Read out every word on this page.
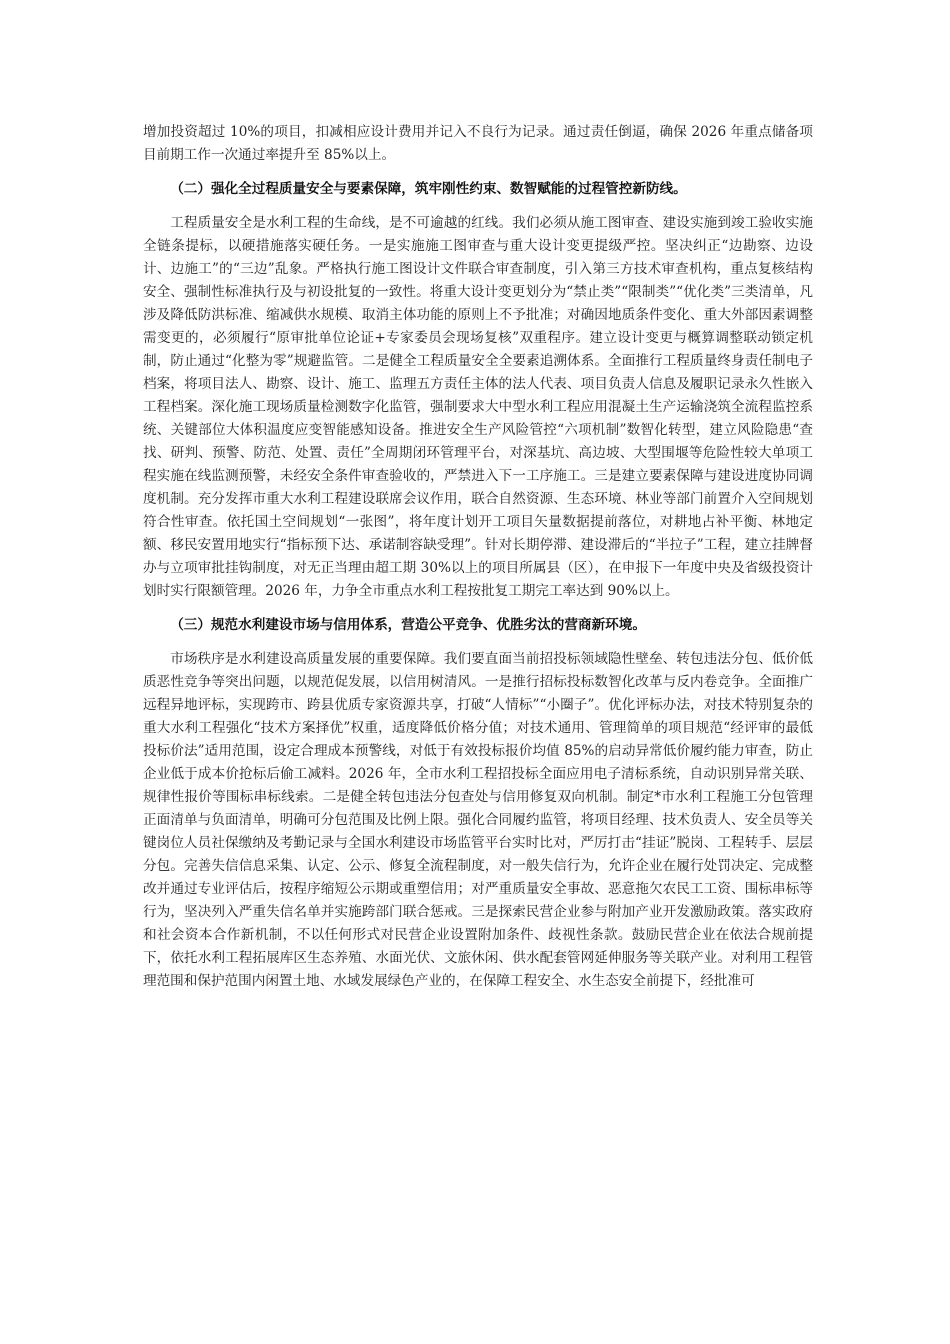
增加投资超过 10%的项目，扣减相应设计费用并记入不良行为记录。通过责任倒逼，确保 2026 年重点储备项目前期工作一次通过率提升至 85%以上。

（二）强化全过程质量安全与要素保障，筑牢刚性约束、数智赋能的过程管控新防线。

工程质量安全是水利工程的生命线，是不可逾越的红线。我们必须从施工图审查、建设实施到竣工验收实施全链条提标，以硬措施落实硬任务。一是实施施工图审查与重大设计变更提级严控。坚决纠正“边勘察、边设计、边施工”的“三边”乱象。严格执行施工图设计文件联合审查制度，引入第三方技术审查机构，重点复核结构安全、强制性标准执行及与初设批复的一致性。将重大设计变更划分为“禁止类”“限制类”“优化类”三类清单，凡涉及降低防洪标准、缩减供水规模、取消主体功能的原则上不予批准；对确因地质条件变化、重大外部因素调整需变更的，必须履行“原审批单位论证+专家委员会现场复核”双重程序。建立设计变更与概算调整联动锁定机制，防止通过“化整为零”规避监管。二是健全工程质量安全全要素追溯体系。全面推行工程质量终身责任制电子档案，将项目法人、勘察、设计、施工、监理五方责任主体的法人代表、项目负责人信息及履职记录永久性嵌入工程档案。深化施工现场质量检测数字化监管，强制要求大中型水利工程应用混凝土生产运输浇筑全流程监控系统、关键部位大体积温度应变智能感知设备。推进安全生产风险管控“六项机制”数智化转型，建立风险隐患“查找、研判、预警、防范、处置、责任”全周期闭环管理平台，对深基坑、高边坡、大型围堰等危险性较大单项工程实施在线监测预警，未经安全条件审查验收的，严禁进入下一工序施工。三是建立要素保障与建设进度协同调度机制。充分发挥市重大水利工程建设联席会议作用，联合自然资源、生态环境、林业等部门前置介入空间规划符合性审查。依托国土空间规划“一张图”，将年度计划开工项目矢量数据提前落位，对耕地占补平衡、林地定额、移民安置用地实行“指标预下达、承诺制容缺受理”。针对长期停滞、建设滞后的“半拉子”工程，建立挂牌督办与立项审批挂钩制度，对无正当理由超工期 30%以上的项目所属县（区），在申报下一年度中央及省级投资计划时实行限额管理。2026 年，力争全市重点水利工程按批复工期完工率达到 90%以上。

（三）规范水利建设市场与信用体系，营造公平竞争、优胜劣汰的营商新环境。

市场秩序是水利建设高质量发展的重要保障。我们要直面当前招投标领域隐性壁垒、转包违法分包、低价低质恶性竞争等突出问题，以规范促发展，以信用树清风。一是推行招标投标数智化改革与反内卷竞争。全面推广远程异地评标，实现跨市、跨县优质专家资源共享，打破“人情标”“小圈子”。优化评标办法，对技术特别复杂的重大水利工程强化“技术方案择优”权重，适度降低价格分值；对技术通用、管理简单的项目规范“经评审的最低投标价法”适用范围，设定合理成本预警线，对低于有效投标报价均值 85%的启动异常低价履约能力审查，防止企业低于成本价抢标后偷工减料。2026 年，全市水利工程招投标全面应用电子清标系统，自动识别异常关联、规律性报价等围标串标线索。二是健全转包违法分包查处与信用修复双向机制。制定*市水利工程施工分包管理正面清单与负面清单，明确可分包范围及比例上限。强化合同履约监管，将项目经理、技术负责人、安全员等关键岗位人员社保缴纳及考勤记录与全国水利建设市场监管平台实时比对，严厉打击“挂证”脱岗、工程转手、层层分包。完善失信信息采集、认定、公示、修复全流程制度，对一般失信行为，允许企业在履行处罚决定、完成整改并通过专业评估后，按程序缩短公示期或重塑信用；对严重质量安全事故、恶意拖欠农民工工资、围标串标等行为，坚决列入严重失信名单并实施跨部门联合惩戒。三是探索民营企业参与附加产业开发激励政策。落实政府和社会资本合作新机制，不以任何形式对民营企业设置附加条件、歧视性条款。鼓励民营企业在依法合规前提下，依托水利工程拓展库区生态养殖、水面光伏、文旅休闲、供水配套管网延伸服务等关联产业。对利用工程管理范围和保护范围内闲置土地、水域发展绿色产业的，在保障工程安全、水生态安全前提下，经批准可
